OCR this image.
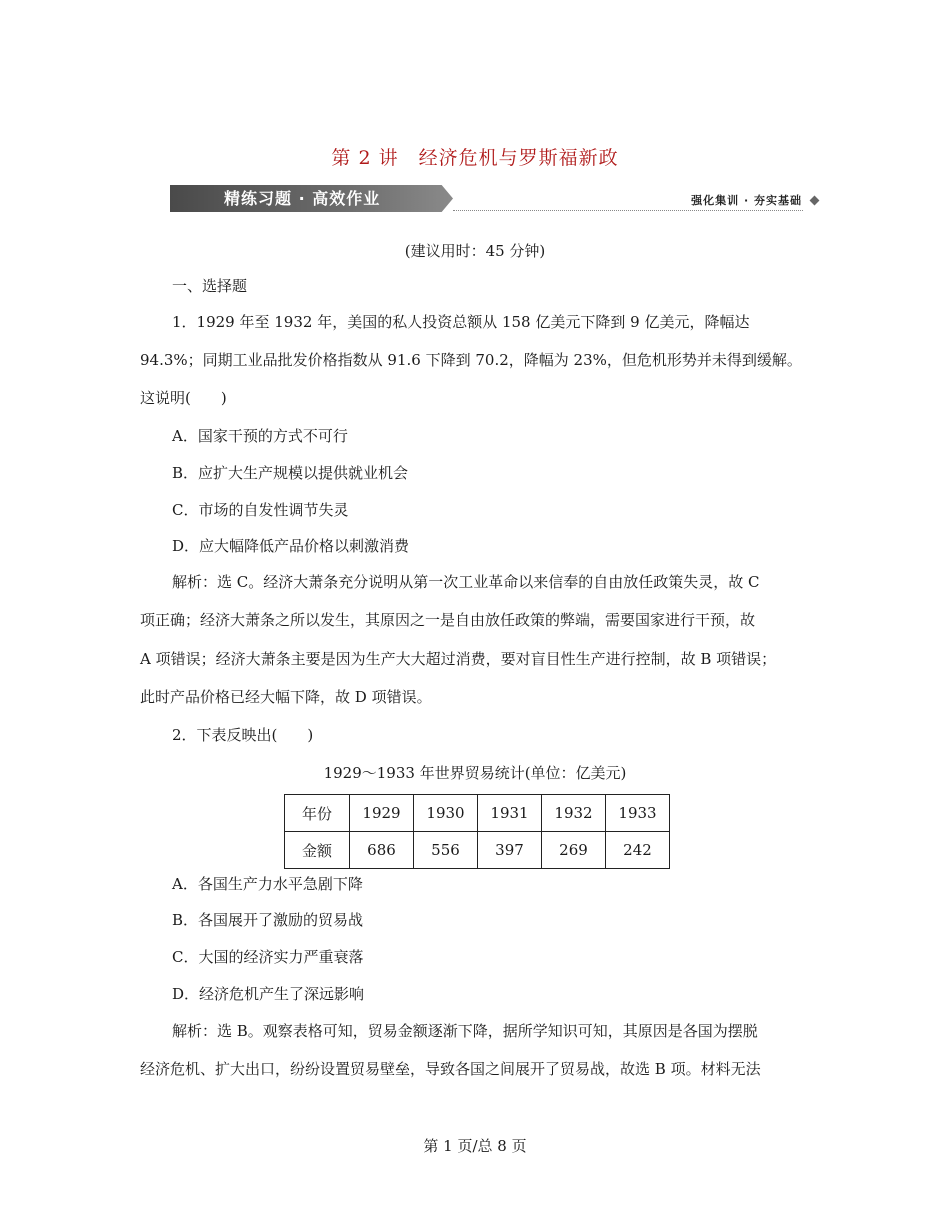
第 2 讲　经济危机与罗斯福新政
精练习题 · 高效作业	强化集训 · 夯实基础
(建议用时：45 分钟)
一、选择题
1．1929 年至 1932 年，美国的私人投资总额从 158 亿美元下降到 9 亿美元，降幅达
94.3%；同期工业品批发价格指数从 91.6 下降到 70.2，降幅为 23%，但危机形势并未得到缓解。
这说明(　　)
A．国家干预的方式不可行
B．应扩大生产规模以提供就业机会
C．市场的自发性调节失灵
D．应大幅降低产品价格以刺激消费
解析：选 C。经济大萧条充分说明从第一次工业革命以来信奉的自由放任政策失灵，故 C
项正确；经济大萧条之所以发生，其原因之一是自由放任政策的弊端，需要国家进行干预，故
A 项错误；经济大萧条主要是因为生产大大超过消费，要对盲目性生产进行控制，故 B 项错误；
此时产品价格已经大幅下降，故 D 项错误。
2．下表反映出(　　)
1929～1933 年世界贸易统计(单位：亿美元)
年份	1929	1930	1931	1932	1933
金额	686	556	397	269	242
A．各国生产力水平急剧下降
B．各国展开了激励的贸易战
C．大国的经济实力严重衰落
D．经济危机产生了深远影响
解析：选 B。观察表格可知，贸易金额逐渐下降，据所学知识可知，其原因是各国为摆脱
经济危机、扩大出口，纷纷设置贸易壁垒，导致各国之间展开了贸易战，故选 B 项。材料无法
第 1 页/总 8 页
